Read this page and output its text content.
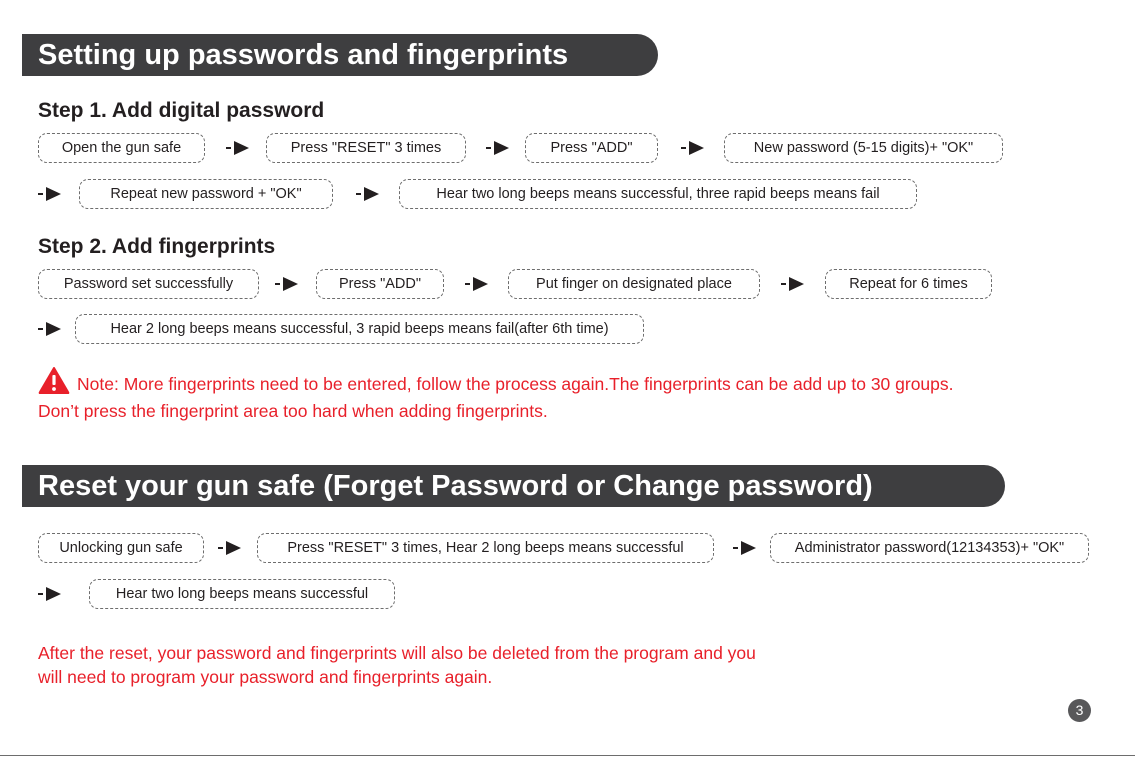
Setting up passwords and fingerprints
Step 1. Add digital password
Open the gun safe	Press "RESET" 3 times	Press "ADD"	New password (5-15 digits)+ "OK"
Repeat new password + "OK"	Hear two long beeps means successful, three rapid beeps means fail
Step 2. Add fingerprints
Password set successfully	Press "ADD"	Put finger on designated place	Repeat for 6 times
Hear 2 long beeps means successful, 3 rapid beeps means fail(after 6th time)
Note: More fingerprints need to be entered, follow the process again.The fingerprints can be add up to 30 groups.
Don’t press the fingerprint area too hard when adding fingerprints.
Reset your gun safe (Forget Password or Change password)
Unlocking gun safe	Press "RESET" 3 times, Hear 2 long beeps means successful	Administrator password(12134353)+ "OK"
Hear two long beeps means successful
After the reset, your password and fingerprints will also be deleted from the program and you
will need to program your password and fingerprints again.
3
